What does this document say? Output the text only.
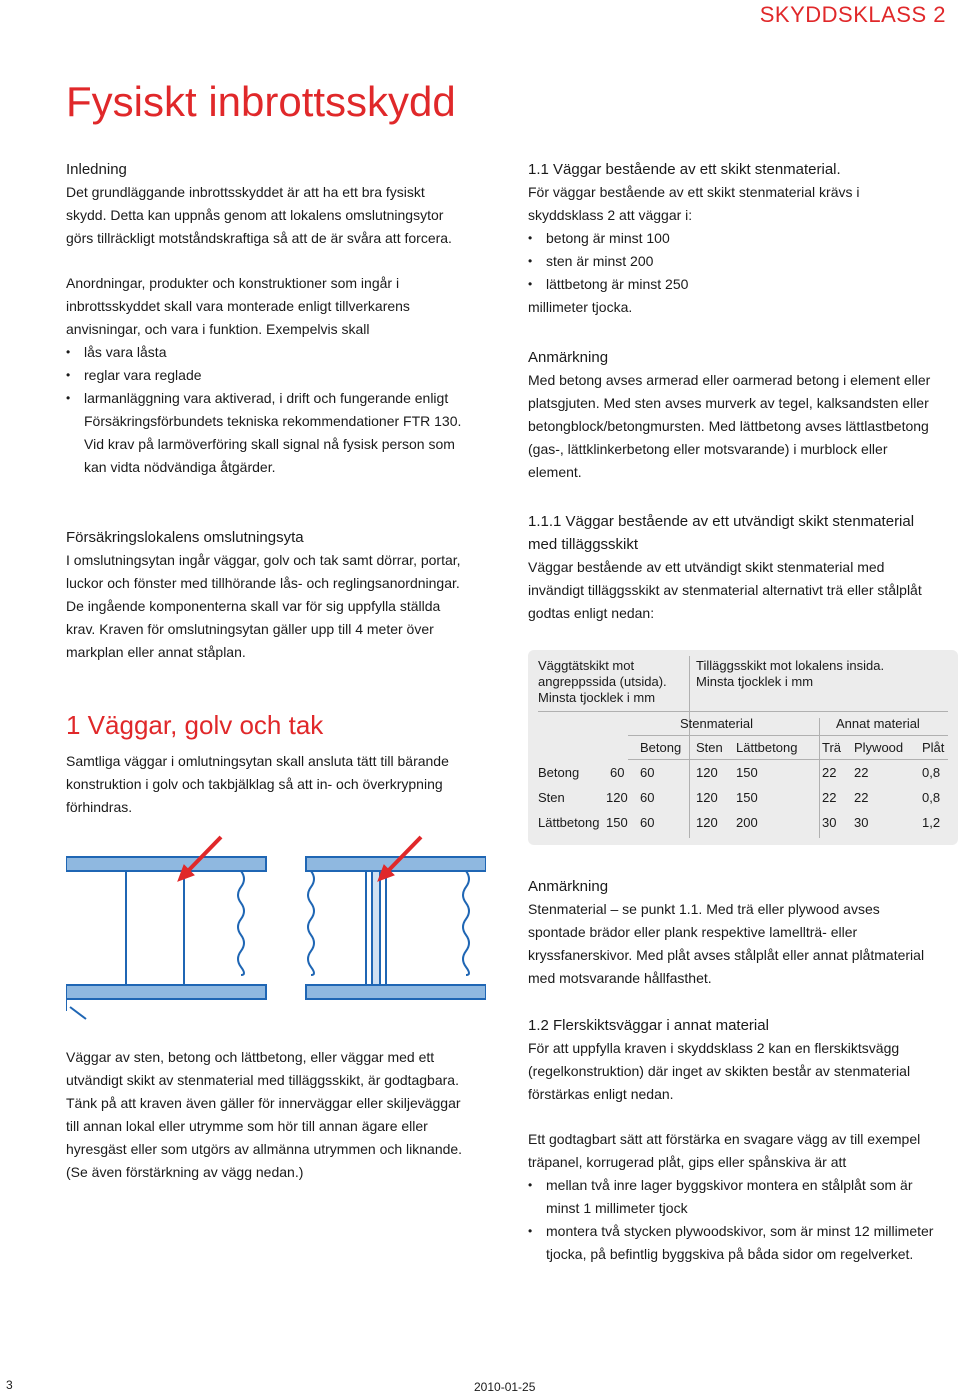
SKYDDSKLASS 2
Fysiskt inbrottsskydd
Inledning

Det grundläggande inbrottsskyddet är att ha ett bra fysiskt skydd. Detta kan uppnås genom att lokalens omslutningsytor görs tillräckligt motståndskraftiga så att de är svåra att forcera.

Anordningar, produkter och konstruktioner som ingår i inbrottsskyddet skall vara monterade enligt tillverkarens anvisningar, och vara i funktion. Exempelvis skall

• lås vara låsta
• reglar vara reglade
• larmanläggning vara aktiverad, i drift och fungerande enligt Försäkringsförbundets tekniska rekommendationer FTR 130. Vid krav på larmöverföring skall signal nå fysisk person som kan vidta nödvändiga åtgärder.
Försäkringslokalens omslutningsyta

I omslutningsytan ingår väggar, golv och tak samt dörrar, portar, luckor och fönster med tillhörande lås- och reglingsanordningar. De ingående komponenterna skall var för sig uppfylla ställda krav. Kraven för omslutningsytan gäller upp till 4 meter över markplan eller annat ståplan.

1 Väggar, golv och tak
Samtliga väggar i omlutningsytan skall ansluta tätt till bärande konstruktion i golv och takbjälklag så att in- och överkrypning förhindras.
Väggar av sten, betong och lättbetong, eller väggar med ett utvändigt skikt av stenmaterial med tilläggsskikt, är godtagbara. Tänk på att kraven även gäller för innerväggar eller skiljeväggar till annan lokal eller utrymme som hör till annan ägare eller hyresgäst eller som utgörs av allmänna utrymmen och liknande. (Se även förstärkning av vägg nedan.)
1.1 Väggar bestående av ett skikt stenmaterial.

För väggar bestående av ett skikt stenmaterial krävs i skyddsklass 2 att väggar i:

• betong är minst 100
• sten är minst 200
• lättbetong är minst 250

millimeter tjocka.

Anmärkning

Med betong avses armerad eller oarmerad betong i element eller platsgjuten. Med sten avses murverk av tegel, kalksandsten eller betongblock/betongmursten. Med lättbetong avses lättlastbetong (gas-, lättklinkerbetong eller motsvarande) i murblock eller element.

1.1.1 Väggar bestående av ett utvändigt skikt stenmaterial med tilläggsskikt

Väggar bestående av ett utvändigt skikt stenmaterial med invändigt tilläggsskikt av stenmaterial alternativt trä eller stålplåt godtas enligt nedan:

Väggtätskikt mot
angreppssida (utsida).
Minsta tjocklek i mm
Tilläggsskikt mot lokalens insida.
Minsta tjocklek i mm
Stenmaterial	Annat material
Betong Sten Lättbetong Trä Plywood Plåt
Betong 60 60	120 150	22 22	0,8
Sten	120 60	120 150	22 22	0,8
Lättbetong 150 60	120 200	30 30	1,2
Anmärkning

Stenmaterial – se punkt 1.1. Med trä eller plywood avses spontade brädor eller plank respektive lamellträ- eller kryssfanerskivor. Med plåt avses stålplåt eller annat plåtmaterial med motsvarande hållfasthet.

1.2 Flerskiktsväggar i annat material

För att uppfylla kraven i skyddsklass 2 kan en flerskiktsvägg (regelkonstruktion) där inget av skikten består av stenmaterial förstärkas enligt nedan.

Ett godtagbart sätt att förstärka en svagare vägg av till exempel träpanel, korrugerad plåt, gips eller spånskiva är att

• mellan två inre lager byggskivor montera en stålplåt som är minst 1 millimeter tjock
• montera två stycken plywoodskivor, som är minst 12 millimeter tjocka, på befintlig byggskiva på båda sidor om regelverket.
3	2010-01-25
